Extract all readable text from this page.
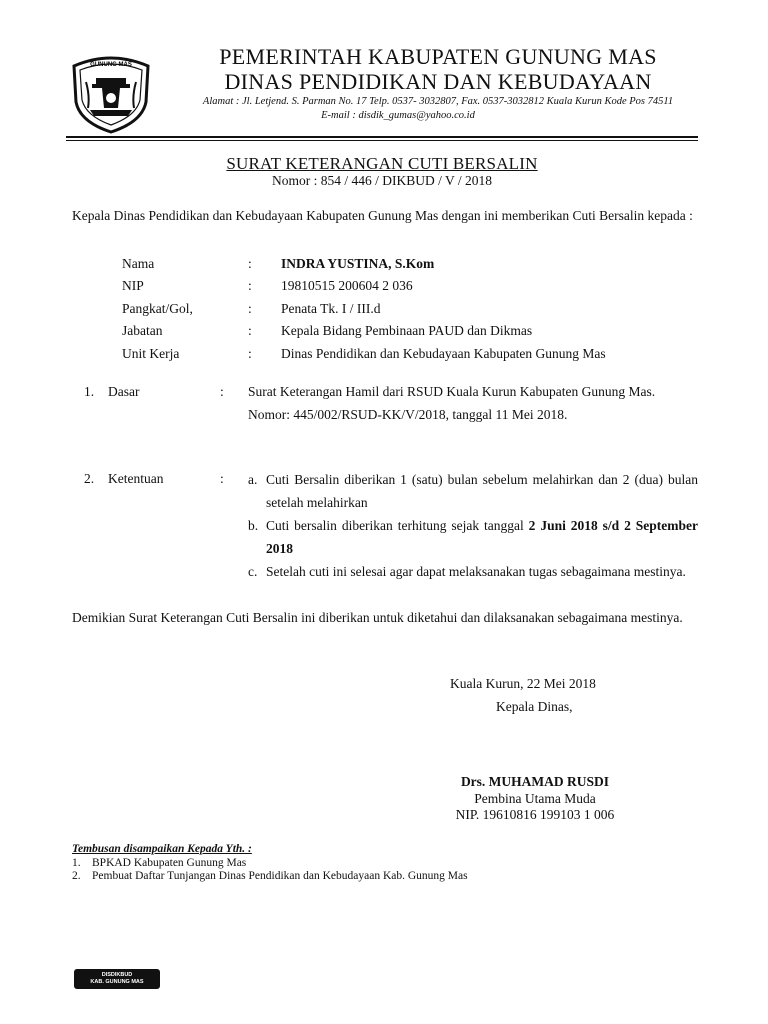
GUNUNG MAS	PEMERINTAH KABUPATEN GUNUNG MAS
DINAS PENDIDIKAN DAN KEBUDAYAAN
Alamat : Jl. Letjend. S. Parman No. 17 Telp. 0537- 3032807, Fax. 0537-3032812 Kuala Kurun Kode Pos 74511
E-mail : disdik_gumas@yahoo.co.id
SURAT KETERANGAN CUTI BERSALIN
Nomor : 854 / 446 / DIKBUD / V / 2018
Kepala Dinas Pendidikan dan Kebudayaan Kabupaten Gunung Mas dengan ini memberikan Cuti Bersalin kepada :
Nama	: INDRA YUSTINA, S.Kom
NIP	: 19810515 200604 2 036
Pangkat/Gol,	: Penata Tk. I / III.d
Jabatan	: Kepala Bidang Pembinaan PAUD dan Dikmas
Unit Kerja	: Dinas Pendidikan dan Kebudayaan Kabupaten Gunung Mas
1. Dasar	: Surat Keterangan Hamil dari RSUD Kuala Kurun Kabupaten Gunung Mas.
Nomor: 445/002/RSUD-KK/V/2018, tanggal 11 Mei 2018.
2. Ketentuan	: a. Cuti Bersalin diberikan 1 (satu) bulan sebelum melahirkan dan 2 (dua) bulan setelah melahirkan
b. Cuti bersalin diberikan terhitung sejak tanggal 2 Juni 2018 s/d 2 September 2018
c. Setelah cuti ini selesai agar dapat melaksanakan tugas sebagaimana mestinya.
Demikian Surat Keterangan Cuti Bersalin ini diberikan untuk diketahui dan dilaksanakan sebagaimana mestinya.
Kuala Kurun, 22 Mei 2018
Kepala Dinas,
Drs. MUHAMAD RUSDI
Pembina Utama Muda
NIP. 19610816 199103 1 006
Tembusan disampaikan Kepada Yth. :
1. BPKAD Kabupaten Gunung Mas
2. Pembuat Daftar Tunjangan Dinas Pendidikan dan Kebudayaan Kab. Gunung Mas
DISDIKBUD
KAB. GUNUNG MAS
